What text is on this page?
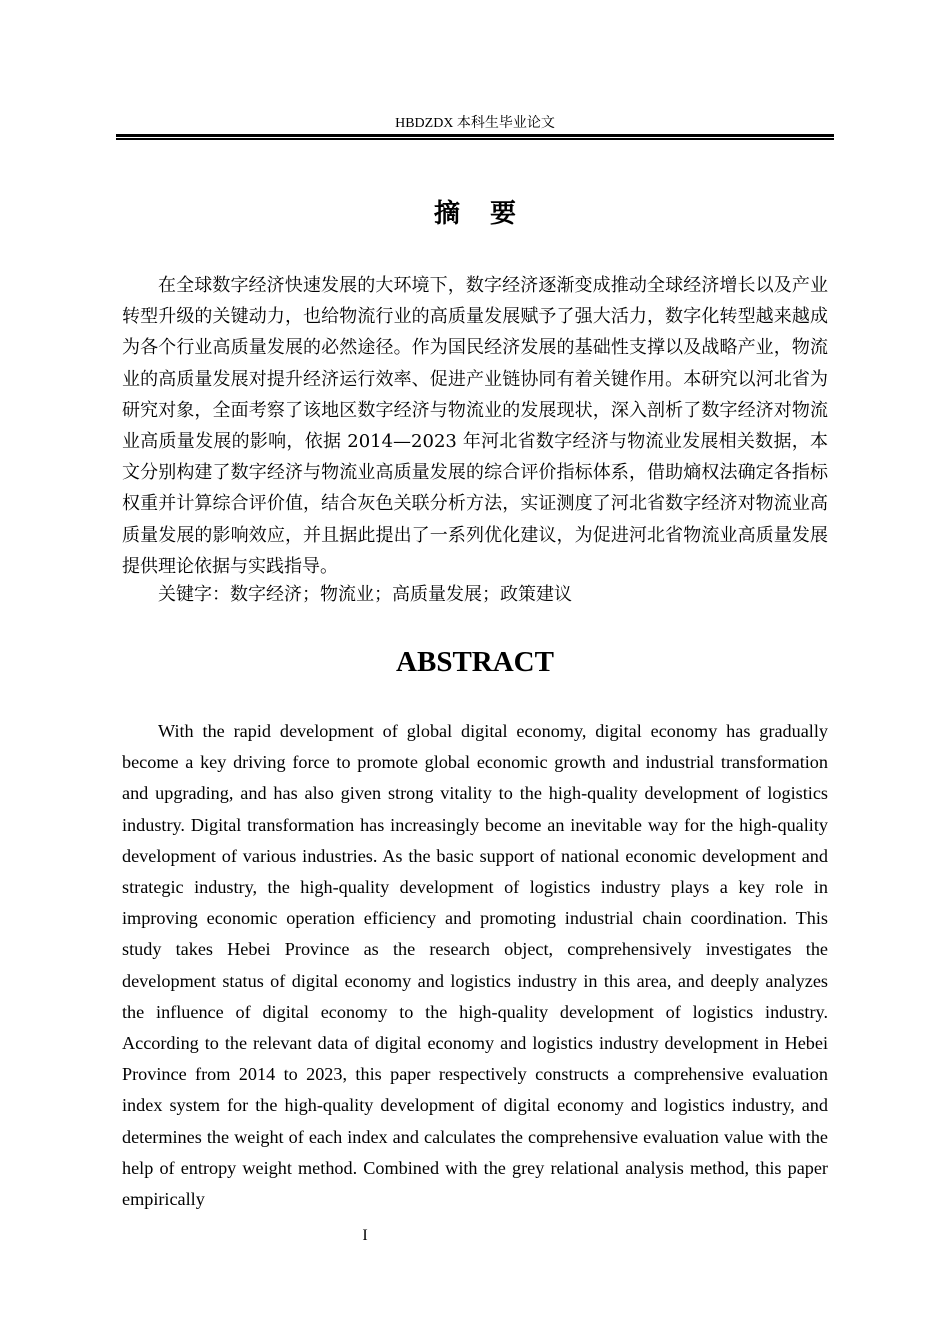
HBDZDX 本科生毕业论文
摘要

在全球数字经济快速发展的大环境下，数字经济逐渐变成推动全球经济增长以及产业转型升级的关键动力，也给物流行业的高质量发展赋予了强大活力，数字化转型越来越成为各个行业高质量发展的必然途径。作为国民经济发展的基础性支撑以及战略产业，物流业的高质量发展对提升经济运行效率、促进产业链协同有着关键作用。本研究以河北省为研究对象，全面考察了该地区数字经济与物流业的发展现状，深入剖析了数字经济对物流业高质量发展的影响，依据 2014—2023 年河北省数字经济与物流业发展相关数据，本文分别构建了数字经济与物流业高质量发展的综合评价指标体系，借助熵权法确定各指标权重并计算综合评价值，结合灰色关联分析方法，实证测度了河北省数字经济对物流业高质量发展的影响效应，并且据此提出了一系列优化建议，为促进河北省物流业高质量发展提供理论依据与实践指导。

关键字：数字经济；物流业；高质量发展；政策建议

ABSTRACT

With the rapid development of global digital economy, digital economy has gradually become a key driving force to promote global economic growth and industrial transformation and upgrading, and has also given strong vitality to the high-quality development of logistics industry. Digital transformation has increasingly become an inevitable way for the high-quality development of various industries. As the basic support of national economic development and strategic industry, the high-quality development of logistics industry plays a key role in improving economic operation efficiency and promoting industrial chain coordination. This study takes Hebei Province as the research object, comprehensively investigates the development status of digital economy and logistics industry in this area, and deeply analyzes the influence of digital economy to the high-quality development of logistics industry. According to the relevant data of digital economy and logistics industry development in Hebei Province from 2014 to 2023, this paper respectively constructs a comprehensive evaluation index system for the high-quality development of digital economy and logistics industry, and determines the weight of each index and calculates the comprehensive evaluation value with the help of entropy weight method. Combined with the grey relational analysis method, this paper empirically

I
